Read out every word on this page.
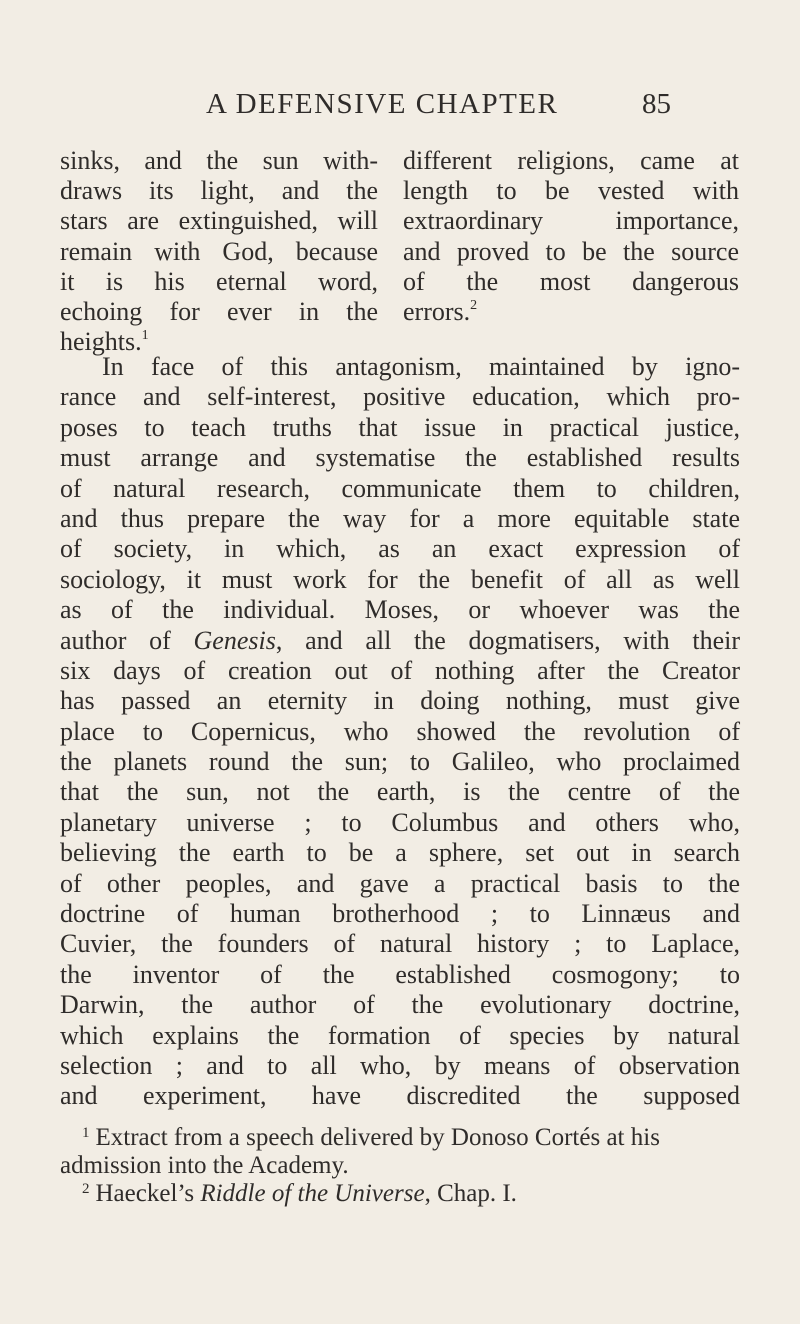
A DEFENSIVE CHAPTER	85
sinks, and the sun with-
draws its light, and the
stars are extinguished, will
remain with God, because
it is his eternal word,
echoing for ever in the
heights.$^1$
different religions, came at
length to be vested with
extraordinary importance,
and proved to be the source
of the most dangerous
errors.$^2$
In face of this antagonism, maintained by igno-
rance and self-interest, positive education, which pro-
poses to teach truths that issue in practical justice,
must arrange and systematise the established results
of natural research, communicate them to children,
and thus prepare the way for a more equitable state
of society, in which, as an exact expression of
sociology, it must work for the benefit of all as well
as of the individual. Moses, or whoever was the
author of Genesis, and all the dogmatisers, with their
six days of creation out of nothing after the Creator
has passed an eternity in doing nothing, must give
place to Copernicus, who showed the revolution of
the planets round the sun; to Galileo, who proclaimed
that the sun, not the earth, is the centre of the
planetary universe ; to Columbus and others who,
believing the earth to be a sphere, set out in search
of other peoples, and gave a practical basis to the
doctrine of human brotherhood ; to Linnæus and
Cuvier, the founders of natural history ; to Laplace,
the inventor of the established cosmogony; to
Darwin, the author of the evolutionary doctrine,
which explains the formation of species by natural
selection ; and to all who, by means of observation
and experiment, have discredited the supposed
$^1$ Extract from a speech delivered by Donoso Cortés at his
admission into the Academy.
$^2$ Haeckel’s Riddle of the Universe, Chap. I.
